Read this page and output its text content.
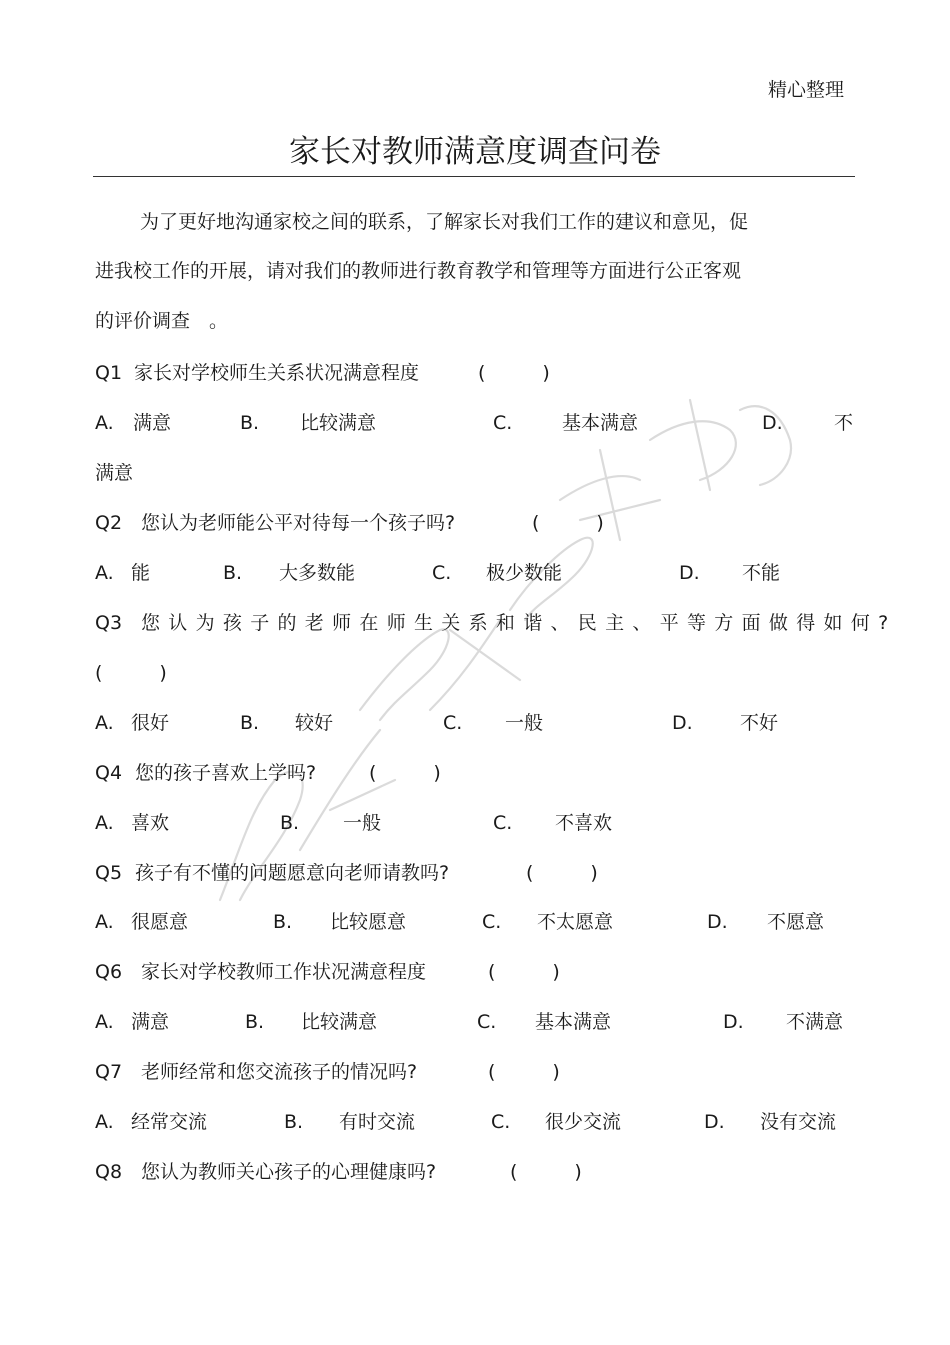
精心整理
家长对教师满意度调查问卷
为了更好地沟通家校之间的联系，了解家长对我们工作的建议和意见，促
进我校工作的开展，请对我们的教师进行教育教学和管理等方面进行公正客观
的评价调查　。
Q1 家长对学校师生关系状况满意程度	(　　　)
A. 满意	B. 比较满意	C.	基本满意	D.	不
满意
Q2 您认为老师能公平对待每一个孩子吗?	(　　　)
A. 能	B. 大多数能	C. 极少数能	D. 不能
Q3 您认为孩子的老师在师生关系和谐、民主、平等方面做得如何?
(　　　)
A. 很好	B. 较好	C. 一般	D. 不好
Q4 您的孩子喜欢上学吗?	(　　　)
A. 喜欢	B. 一般	C. 不喜欢
Q5 孩子有不懂的问题愿意向老师请教吗?	(　　　)
A. 很愿意	B. 比较愿意	C. 不太愿意	D. 不愿意
Q6 家长对学校教师工作状况满意程度	(　　　)
A. 满意	B. 比较满意	C. 基本满意	D. 不满意
Q7 老师经常和您交流孩子的情况吗?	(　　　)
A. 经常交流	B. 有时交流	C. 很少交流	D. 没有交流
Q8 您认为教师关心孩子的心理健康吗?	(　　　)
